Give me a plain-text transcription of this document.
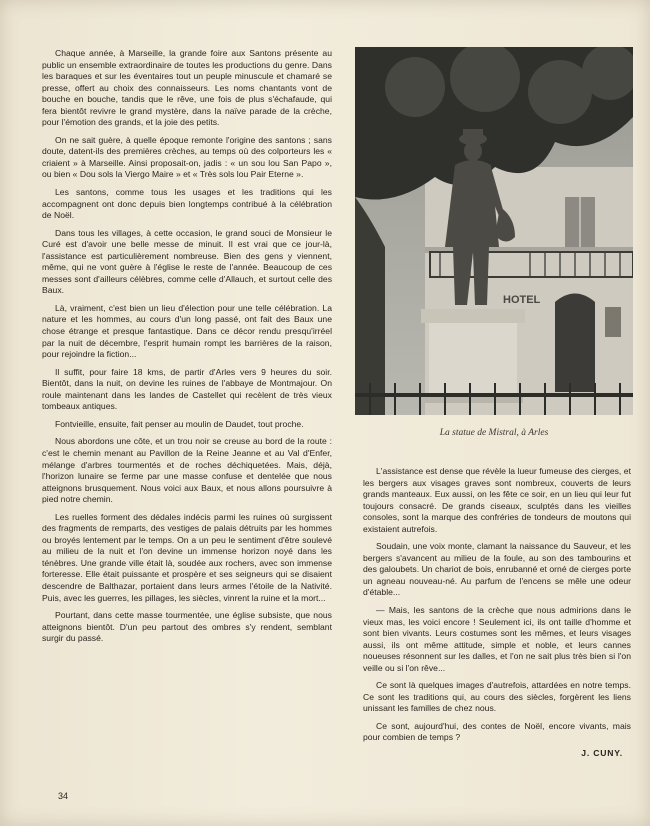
Chaque année, à Marseille, la grande foire aux Santons présente au public un ensemble extraordinaire de toutes les productions du genre. Dans les baraques et sur les éventaires tout un peuple minuscule et chamaré se presse, offert au choix des connaisseurs. Les noms chantants vont de bouche en bouche, tandis que le rêve, une fois de plus s'échafaude, qui fera bientôt revivre le grand mystère, dans la naïve parade de la crèche, pour l'émotion des grands, et la joie des petits.

On ne sait guère, à quelle époque remonte l'origine des santons ; sans doute, datent-ils des premières crèches, au temps où des colporteurs les « criaient » à Marseille. Ainsi proposait-on, jadis : « un sou lou San Papo », ou bien « Dou sols la Viergo Maire » et « Très sols lou Pair Eterne ».

Les santons, comme tous les usages et les traditions qui les accompagnent ont donc depuis bien longtemps contribué à la célébration de Noël.

Dans tous les villages, à cette occasion, le grand souci de Monsieur le Curé est d'avoir une belle messe de minuit. Il est vrai que ce jour-là, l'assistance est particulièrement nombreuse. Bien des gens y viennent, même, qui ne vont guère à l'église le reste de l'année. Beaucoup de ces messes sont d'ailleurs célèbres, comme celle d'Allauch, et surtout celle des Baux.

Là, vraiment, c'est bien un lieu d'élection pour une telle célébration. La nature et les hommes, au cours d'un long passé, ont fait des Baux une chose étrange et presque fantastique. Dans ce décor rendu presqu'irréel par la nuit de décembre, l'esprit humain rompt les barrières de la raison, pour rejoindre la fiction...

Il suffit, pour faire 18 kms, de partir d'Arles vers 9 heures du soir. Bientôt, dans la nuit, on devine les ruines de l'abbaye de Montmajour. On roule maintenant dans les landes de Castellet qui recèlent de très vieux tombeaux antiques.

Fontvieille, ensuite, fait penser au moulin de Daudet, tout proche.

Nous abordons une côte, et un trou noir se creuse au bord de la route : c'est le chemin menant au Pavillon de la Reine Jeanne et au Val d'Enfer, mélange d'arbres tourmentés et de roches déchiquetées. Mais, déjà, l'horizon lunaire se ferme par une masse confuse et dentelée que nous atteignons brusquement. Nous voici aux Baux, et nous allons poursuivre à pied notre chemin.

Les ruelles forment des dédales indécis parmi les ruines où surgissent des fragments de remparts, des vestiges de palais détruits par les hommes ou broyés lentement par le temps. On a un peu le sentiment d'être soulevé au milieu de la nuit et l'on devine un immense horizon noyé dans les ténèbres. Une grande ville était là, soudée aux rochers, avec son immense forteresse. Elle était puissante et prospère et ses seigneurs qui se disaient descendre de Balthazar, portaient dans leurs armes l'étoile de la Nativité. Puis, avec les guerres, les pillages, les siècles, vinrent la ruine et la mort...

Pourtant, dans cette masse tourmentée, une église subsiste, que nous atteignons bientôt. D'un peu partout des ombres s'y rendent, semblant surgir du passé.

HOTEL
La statue de Mistral, à Arles

L'assistance est dense que révèle la lueur fumeuse des cierges, et les bergers aux visages graves sont nombreux, couverts de leurs grands manteaux. Eux aussi, on les fête ce soir, en un lieu qui leur fut toujours consacré. De grands ciseaux, sculptés dans les vieilles consoles, sont la marque des confréries de tondeurs de moutons qui existaient autrefois.

Soudain, une voix monte, clamant la naissance du Sauveur, et les bergers s'avancent au milieu de la foule, au son des tambourins et des galoubets. Un chariot de bois, enrubanné et orné de cierges porte un agneau nouveau-né. Au parfum de l'encens se mêle une odeur d'étable...

— Mais, les santons de la crèche que nous admirions dans le vieux mas, les voici encore ! Seulement ici, ils ont taille d'homme et sont bien vivants. Leurs costumes sont les mêmes, et leurs visages aussi, ils ont même attitude, simple et noble, et leurs cannes noueuses résonnent sur les dalles, et l'on ne sait plus très bien si l'on veille ou si l'on rêve...

Ce sont là quelques images d'autrefois, attardées en notre temps. Ce sont les traditions qui, au cours des siècles, forgèrent les liens unissant les familles de chez nous.

Ce sont, aujourd'hui, des contes de Noël, encore vivants, mais pour combien de temps ?

J. CUNY.
34
